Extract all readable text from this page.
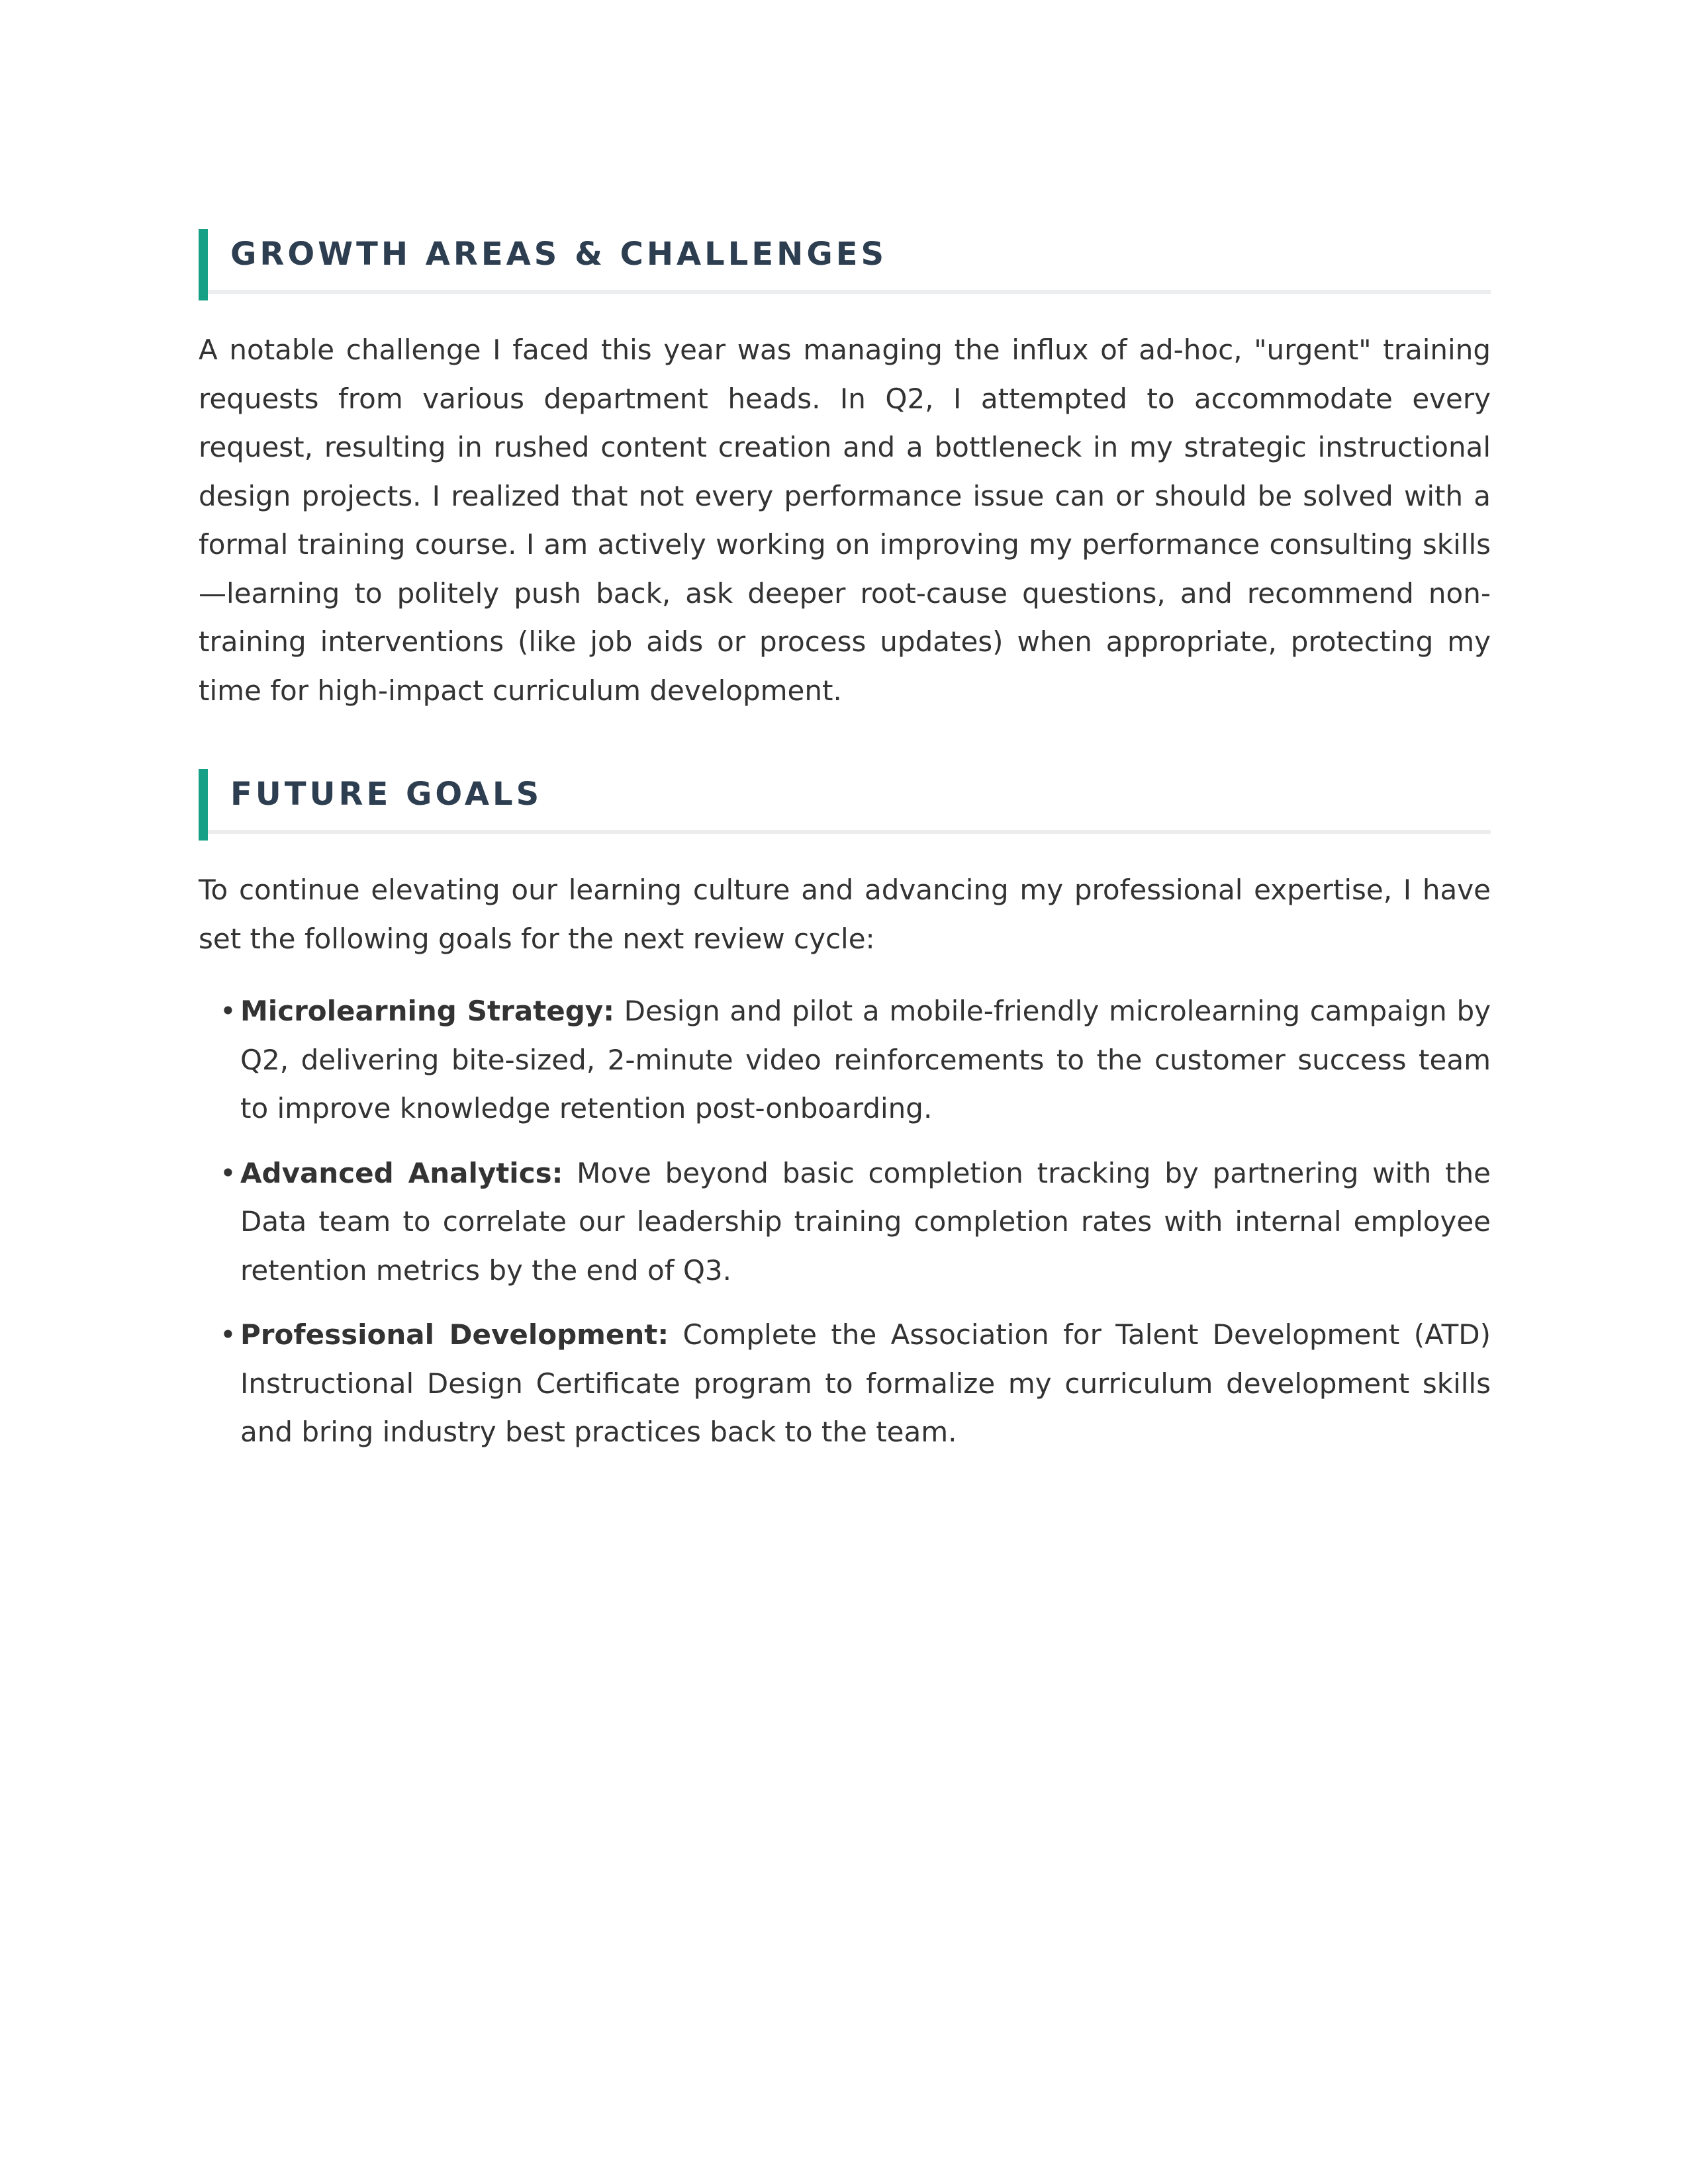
GROWTH AREAS & CHALLENGES

A notable challenge I faced this year was managing the influx of ad-hoc, "urgent" training requests from various department heads. In Q2, I attempted to accommodate every request, resulting in rushed content creation and a bottleneck in my strategic instructional design projects. I realized that not every performance issue can or should be solved with a formal training course. I am actively working on improving my performance consulting skills—learning to politely push back, ask deeper root-cause questions, and recommend non-training interventions (like job aids or process updates) when appropriate, protecting my time for high-impact curriculum development.

FUTURE GOALS

To continue elevating our learning culture and advancing my professional expertise, I have set the following goals for the next review cycle:

• Microlearning Strategy: Design and pilot a mobile-friendly microlearning campaign by Q2, delivering bite-sized, 2-minute video reinforcements to the customer success team to improve knowledge retention post-onboarding.
• Advanced Analytics: Move beyond basic completion tracking by partnering with the Data team to correlate our leadership training completion rates with internal employee retention metrics by the end of Q3.
• Professional Development: Complete the Association for Talent Development (ATD) Instructional Design Certificate program to formalize my curriculum development skills and bring industry best practices back to the team.
